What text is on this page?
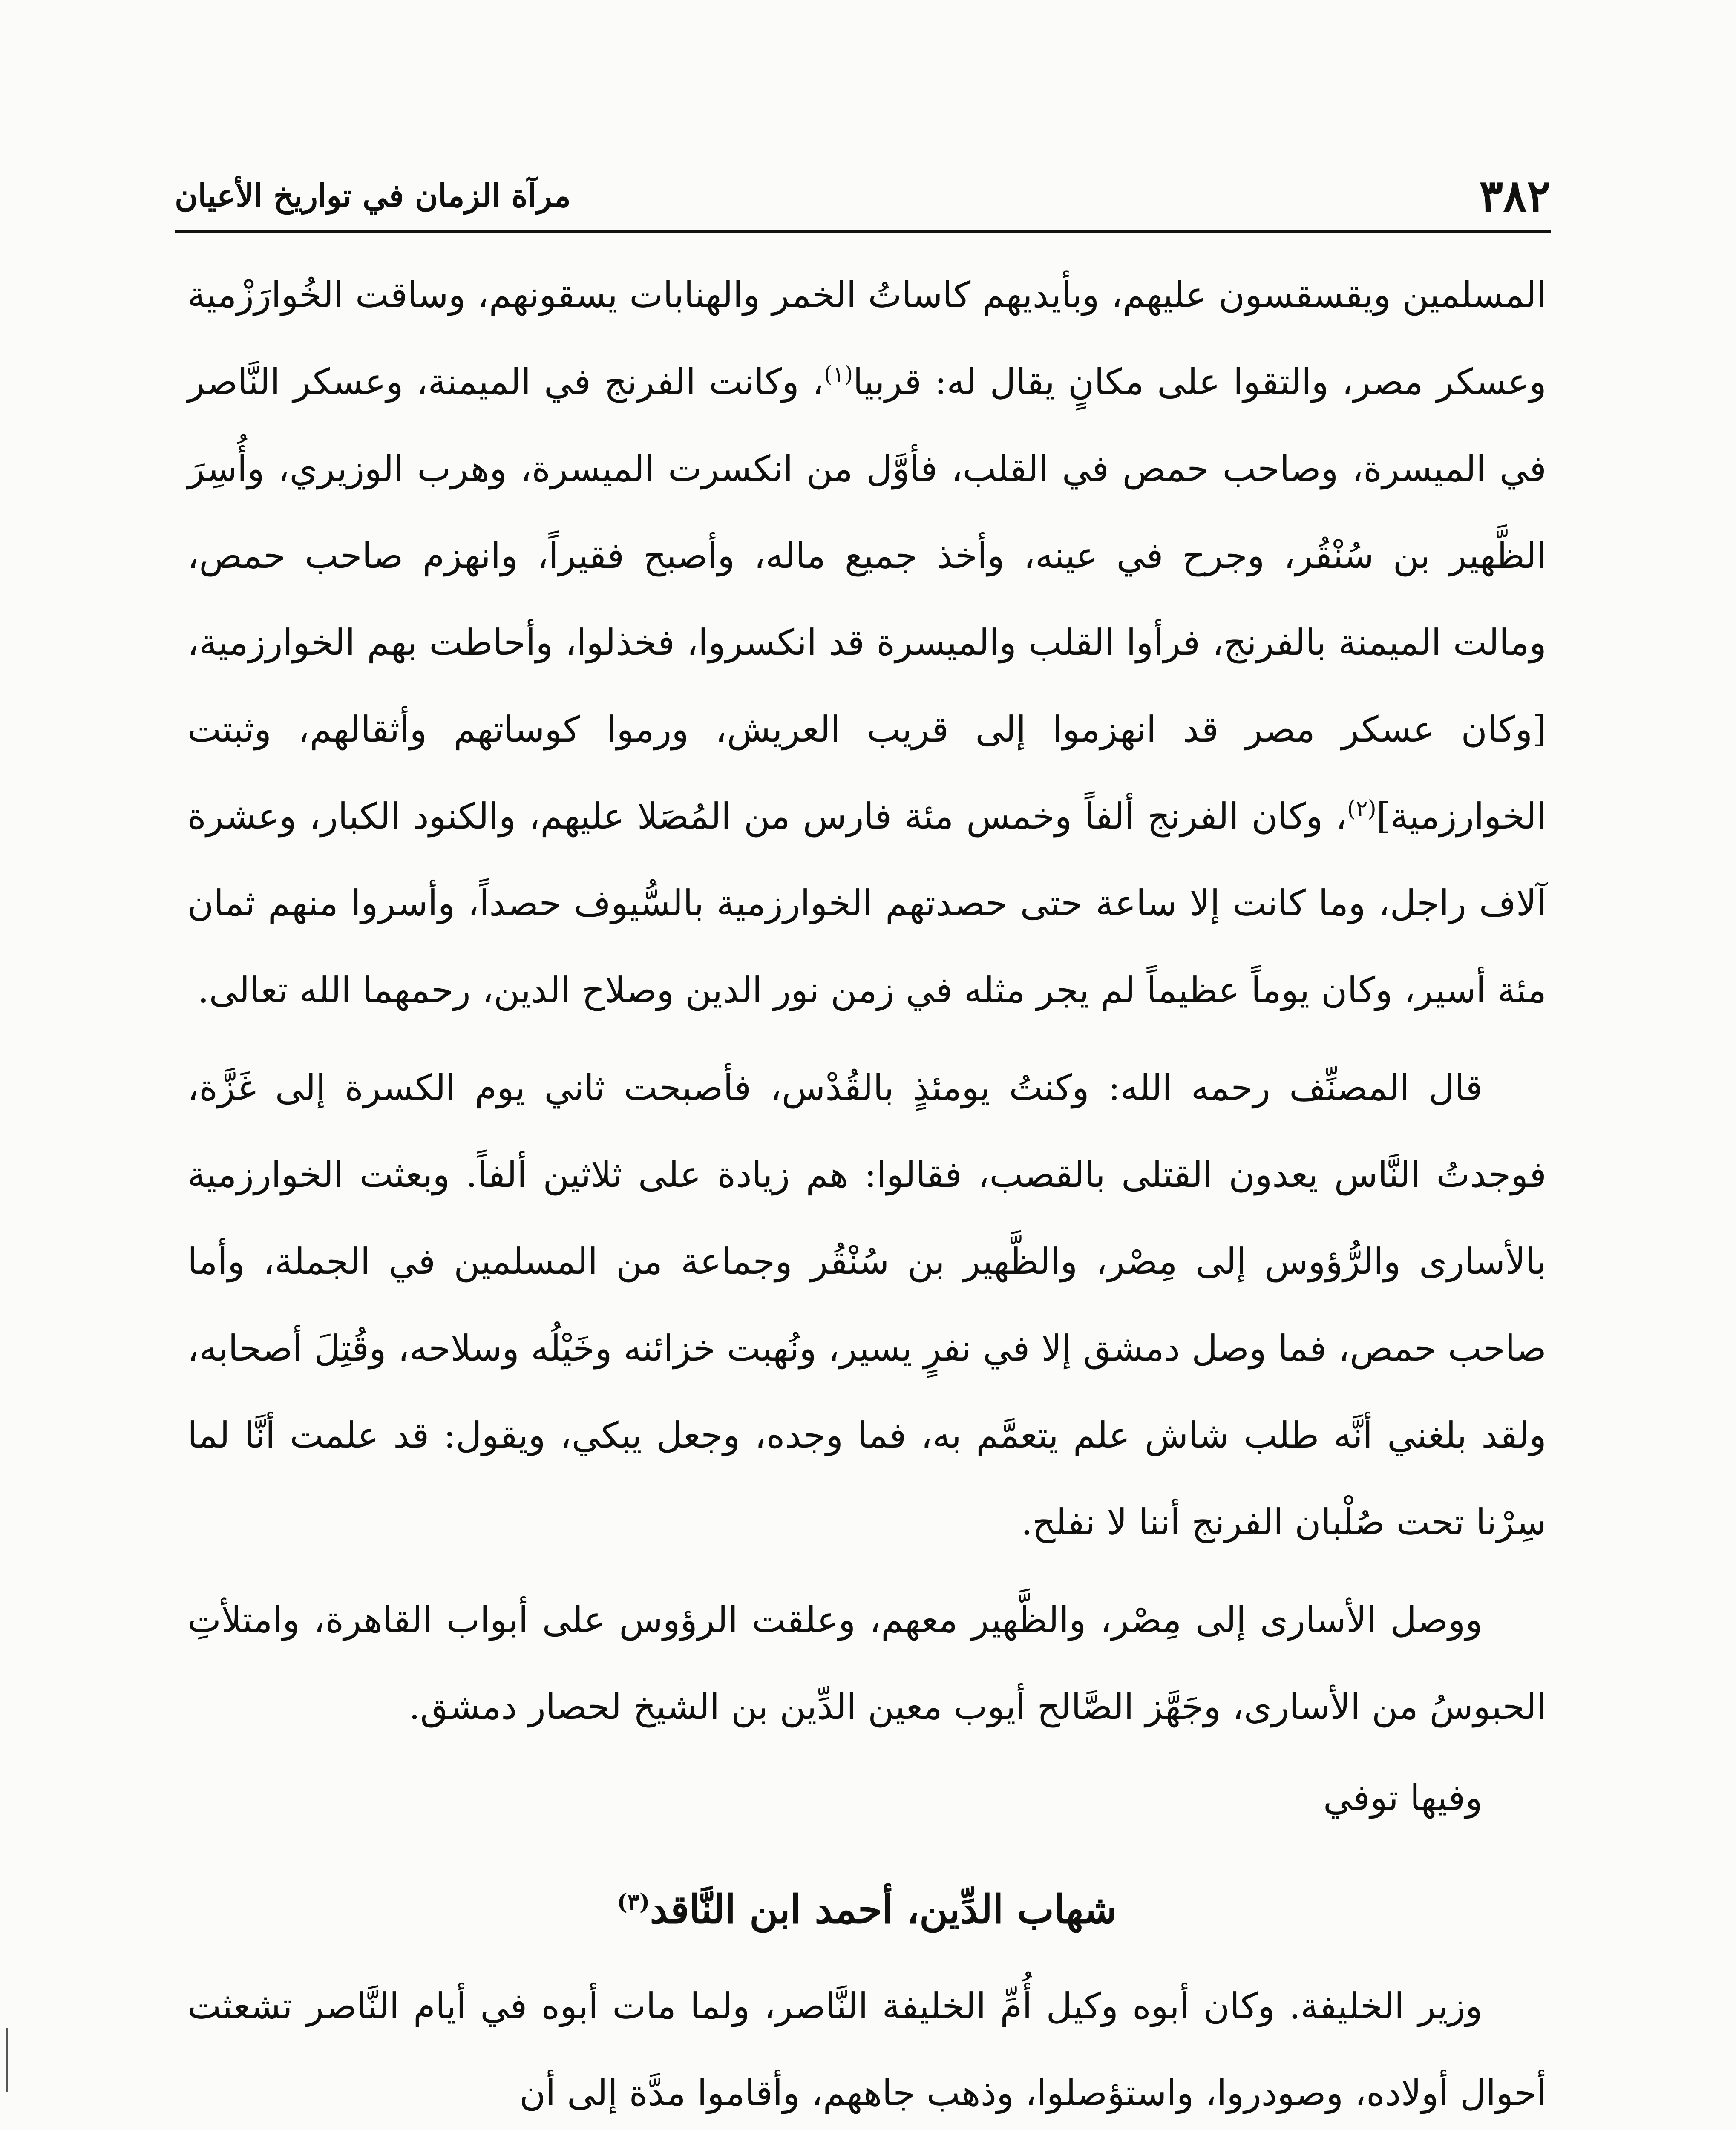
٣٨٢
مرآة الزمان في تواريخ الأعيان

المسلمين ويقسقسون عليهم، وبأيديهم كاساتُ الخمر والهنابات يسقونهم، وساقت الخُوارَزْمية وعسكر مصر، والتقوا على مكانٍ يقال له: قربيا$^{(١)}$، وكانت الفرنج في الميمنة، وعسكر النَّاصر في الميسرة، وصاحب حمص في القلب، فأوَّل من انكسرت الميسرة، وهرب الوزيري، وأُسِرَ الظَّهير بن سُنْقُر، وجرح في عينه، وأخذ جميع ماله، وأصبح فقيراً، وانهزم صاحب حمص، ومالت الميمنة بالفرنج، فرأوا القلب والميسرة قد انكسروا، فخذلوا، وأحاطت بهم الخوارزمية، [وكان عسكر مصر قد انهزموا إلى قريب العريش، ورموا كوساتهم وأثقالهم، وثبتت الخوارزمية]$^{(٢)}$، وكان الفرنج ألفاً وخمس مئة فارس من المُصَلا عليهم، والكنود الكبار، وعشرة آلاف راجل، وما كانت إلا ساعة حتى حصدتهم الخوارزمية بالسُّيوف حصداً، وأسروا منهم ثمان مئة أسير، وكان يوماً عظيماً لم يجر مثله في زمن نور الدين وصلاح الدين، رحمهما الله تعالى.

قال المصنِّف رحمه الله: وكنتُ يومئذٍ بالقُدْس، فأصبحت ثاني يوم الكسرة إلى غَزَّة، فوجدتُ النَّاس يعدون القتلى بالقصب، فقالوا: هم زيادة على ثلاثين ألفاً. وبعثت الخوارزمية بالأسارى والرُّؤوس إلى مِصْر، والظَّهير بن سُنْقُر وجماعة من المسلمين في الجملة، وأما صاحب حمص، فما وصل دمشق إلا في نفرٍ يسير، ونُهبت خزائنه وخَيْلُه وسلاحه، وقُتِلَ أصحابه، ولقد بلغني أنَّه طلب شاش علم يتعمَّم به، فما وجده، وجعل يبكي، ويقول: قد علمت أنَّا لما سِرْنا تحت صُلْبان الفرنج أننا لا نفلح.

ووصل الأسارى إلى مِصْر، والظَّهير معهم، وعلقت الرؤوس على أبواب القاهرة، وامتلأتِ الحبوسُ من الأسارى، وجَهَّز الصَّالح أيوب معين الدِّين بن الشيخ لحصار دمشق.

وفيها توفي

شهاب الدِّين، أحمد ابن النَّاقد$^{(٣)}$

وزير الخليفة. وكان أبوه وكيل أُمِّ الخليفة النَّاصر، ولما مات أبوه في أيام النَّاصر تشعثت أحوال أولاده، وصودروا، واستؤصلوا، وذهب جاههم، وأقاموا مدَّة إلى أن
